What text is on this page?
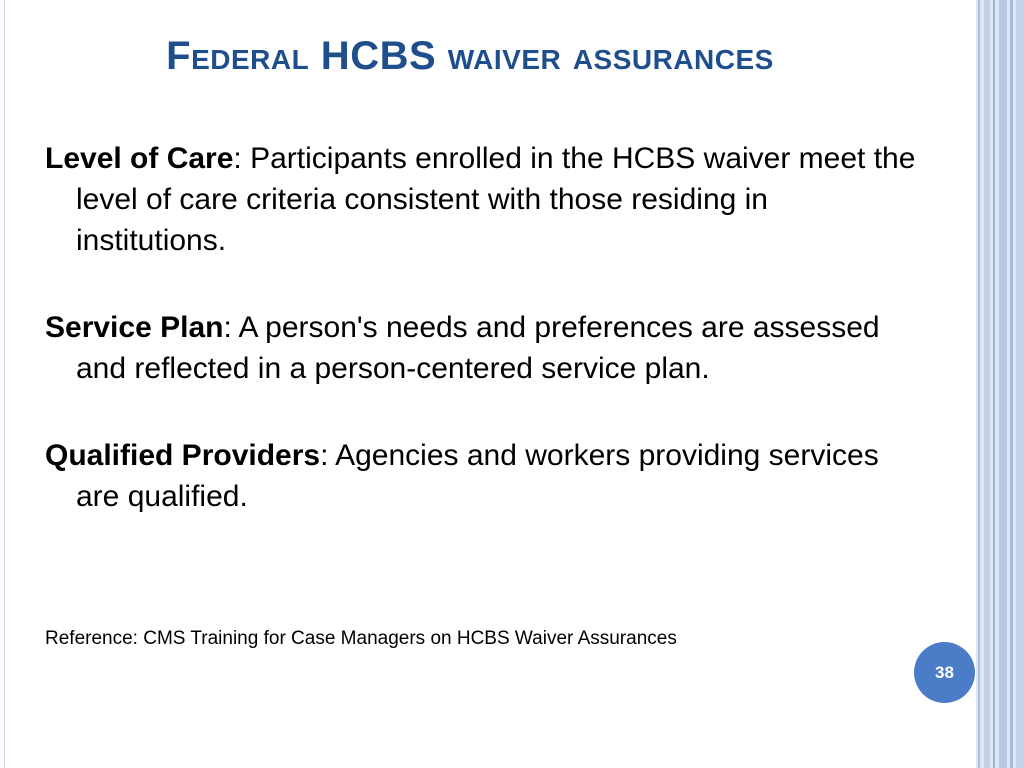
Federal HCBS waiver assurances

Level of Care: Participants enrolled in the HCBS waiver meet the level of care criteria consistent with those residing in institutions.

Service Plan: A person's needs and preferences are assessed and reflected in a person-centered service plan.

Qualified Providers: Agencies and workers providing services are qualified.

Reference: CMS Training for Case Managers on HCBS Waiver Assurances
38
